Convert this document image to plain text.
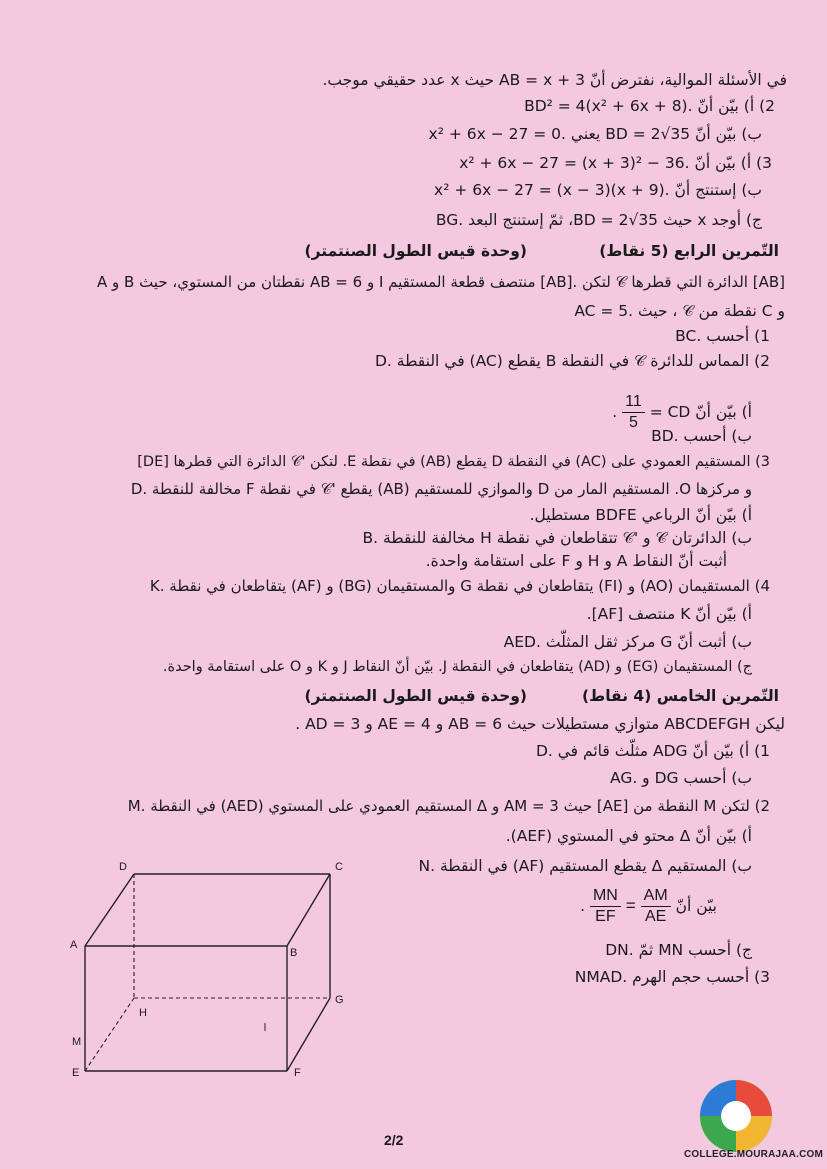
في الأسئلة الموالية، نفترض أنّ AB = x + 3 حيث x عدد حقيقي موجب.
2) أ) بيّن أنّ .BD² = 4(x² + 6x + 8)
ب) بيّن أنّ BD = 2√35 يعني .x² + 6x − 27 = 0
3) أ) بيّن أنّ .x² + 6x − 27 = (x + 3)² − 36
ب) إستنتج أنّ .x² + 6x − 27 = (x − 3)(x + 9)
ج) أوجد x حيث BD = 2√35، ثمّ إستنتج البعد .BG
التّمرين الرابع (5 نقاط)
(وحدة قيس الطول الصنتمتر)
A و B نقطتان من المستوي، حيث AB = 6 و I منتصف قطعة المستقيم [AB]. لتكن 𝒞 الدائرة التي قطرها [AB]
و C نقطة من 𝒞 ، حيث .AC = 5
1) أحسب .BC
2) المماس للدائرة 𝒞 في النقطة B يقطع (AC) في النقطة .D
أ) بيّن أنّ CD =
$\frac{11}{5}$
.
ب) أحسب .BD
3) المستقيم العمودي على (AC) في النقطة D يقطع (AB) في نقطة E. لتكن '𝒞 الدائرة التي قطرها [DE]
و مركزها O. المستقيم المار من D والموازي للمستقيم (AB) يقطع '𝒞 في نقطة F مخالفة للنقطة .D
أ) بيّن أنّ الرباعي BDFE مستطيل.
ب) الدائرتان 𝒞 و '𝒞 تتقاطعان في نقطة H مخالفة للنقطة .B
أثبت أنّ النقاط A و H و F على استقامة واحدة.
4) المستقيمان (AO) و (FI) يتقاطعان في نقطة G والمستقيمان (BG) و (AF) يتقاطعان في نقطة .K
أ) بيّن أنّ K منتصف [AF].
ب) أثبت أنّ G مركز ثقل المثلّث .AED
ج) المستقيمان (EG) و (AD) يتقاطعان في النقطة J. بيّن أنّ النقاط J و K و O على استقامة واحدة.
التّمرين الخامس (4 نقاط)
(وحدة قيس الطول الصنتمتر)
ليكن ABCDEFGH متوازي مستطيلات حيث AB = 6 و AE = 4 و AD = 3 .
1) أ) بيّن أنّ ADG مثلّث قائم في .D
ب) أحسب DG و .AG
2) لتكن M النقطة من [AE] حيث AM = 3 و Δ المستقيم العمودي على المستوي (AED) في النقطة .M
أ) بيّن أنّ Δ محتو في المستوي (AEF).
ب) المستقيم Δ يقطع المستقيم (AF) في النقطة .N
بيّن أنّ
$\frac{AM}{AE}$
=
$\frac{MN}{EF}$
.
ج) أحسب MN ثمّ .DN
3) أحسب حجم الهرم .NMAD
D	C
A
B
G
H
M
E	F
2/2
COLLEGE.MOURAJAA.COM
